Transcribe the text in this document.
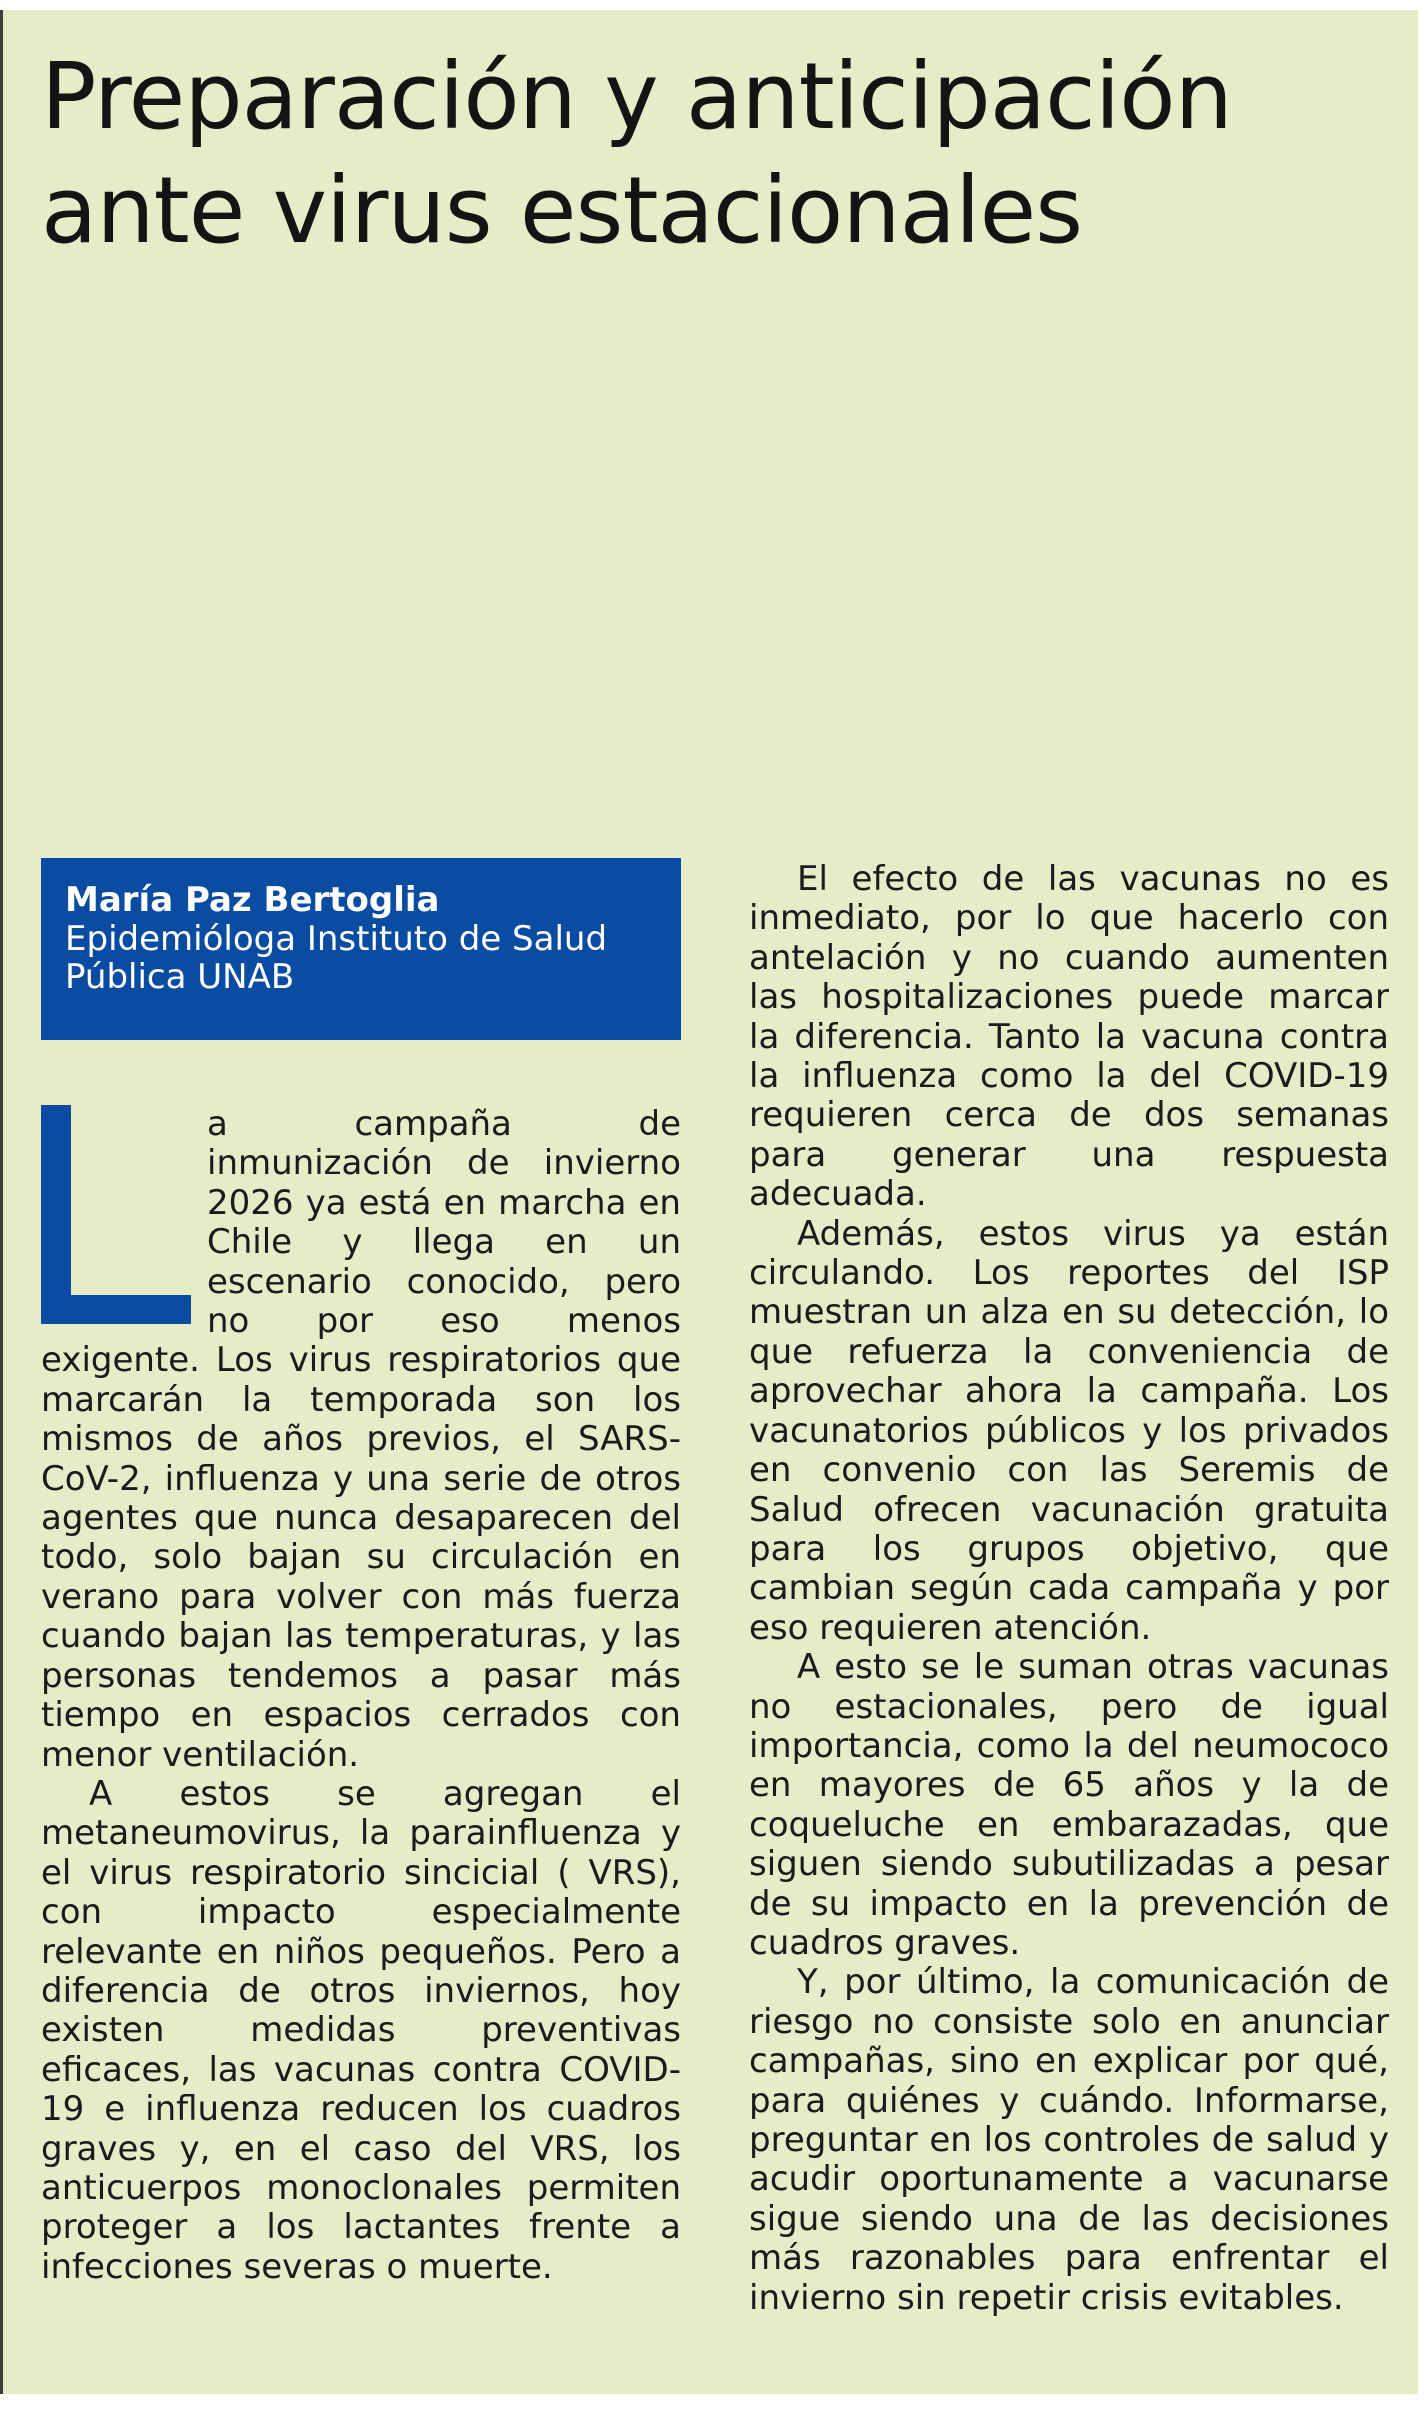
Preparación y anticipación ante virus estacionales
María Paz Bertoglia
Epidemióloga Instituto de Salud Pública UNAB

a campaña de inmunización de invierno 2026 ya está en marcha en Chile y llega en un escenario conocido, pero no por eso menos exigente. Los virus respiratorios que marcarán la temporada son los mismos de años previos, el SARS-CoV-2, influenza y una serie de otros agentes que nunca desaparecen del todo, solo bajan su circulación en verano para volver con más fuerza cuando bajan las temperaturas, y las personas tendemos a pasar más tiempo en espacios cerrados con menor ventilación.

A estos se agregan el metaneumovirus, la parainfluenza y el virus respiratorio sincicial ( VRS), con impacto especialmente relevante en niños pequeños. Pero a diferencia de otros inviernos, hoy existen medidas preventivas eficaces, las vacunas contra COVID-19 e influenza reducen los cuadros graves y, en el caso del VRS, los anticuerpos monoclonales permiten proteger a los lactantes frente a infecciones severas o muerte.

El efecto de las vacunas no es inmediato, por lo que hacerlo con antelación y no cuando aumenten las hospitalizaciones puede marcar la diferencia. Tanto la vacuna contra la influenza como la del COVID-19 requieren cerca de dos semanas para generar una respuesta adecuada.

Además, estos virus ya están circulando. Los reportes del ISP muestran un alza en su detección, lo que refuerza la conveniencia de aprovechar ahora la campaña. Los vacunatorios públicos y los privados en convenio con las Seremis de Salud ofrecen vacunación gratuita para los grupos objetivo, que cambian según cada campaña y por eso requieren atención.

A esto se le suman otras vacunas no estacionales, pero de igual importancia, como la del neumococo en mayores de 65 años y la de coqueluche en embarazadas, que siguen siendo subutilizadas a pesar de su impacto en la prevención de cuadros graves.

Y, por último, la comunicación de riesgo no consiste solo en anunciar campañas, sino en explicar por qué, para quiénes y cuándo. Informarse, preguntar en los controles de salud y acudir oportunamente a vacunarse sigue siendo una de las decisiones más razonables para enfrentar el invierno sin repetir crisis evitables.
